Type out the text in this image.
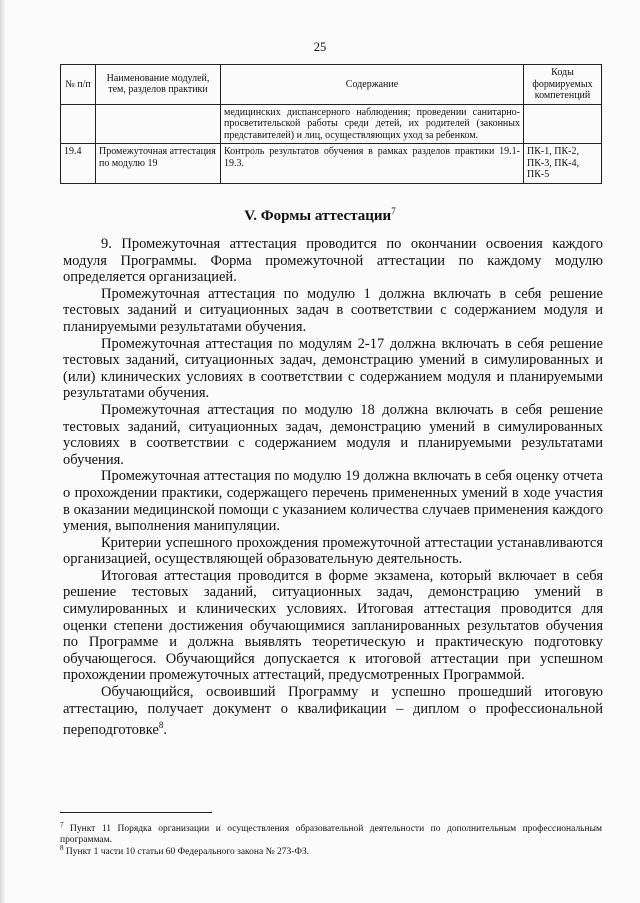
25
№ п/п	Наименование модулей, тем, разделов практики	Содержание	Коды формируемых компетенций
		медицинских диспансерного наблюдения; проведении санитарно-просветительской работы среди детей, их родителей (законных представителей) и лиц, осуществляющих уход за ребенком.	
19.4	Промежуточная аттестация по модулю 19	Контроль результатов обучения в рамках разделов практики 19.1-19.3.	ПК-1, ПК-2, ПК-3, ПК-4, ПК-5
V. Формы аттестации$^7$

9. Промежуточная аттестация проводится по окончании освоения каждого модуля Программы. Форма промежуточной аттестации по каждому модулю определяется организацией.

Промежуточная аттестация по модулю 1 должна включать в себя решение тестовых заданий и ситуационных задач в соответствии с содержанием модуля и планируемыми результатами обучения.

Промежуточная аттестация по модулям 2-17 должна включать в себя решение тестовых заданий, ситуационных задач, демонстрацию умений в симулированных и (или) клинических условиях в соответствии с содержанием модуля и планируемыми результатами обучения.

Промежуточная аттестация по модулю 18 должна включать в себя решение тестовых заданий, ситуационных задач, демонстрацию умений в симулированных условиях в соответствии с содержанием модуля и планируемыми результатами обучения.

Промежуточная аттестация по модулю 19 должна включать в себя оценку отчета о прохождении практики, содержащего перечень примененных умений в ходе участия в оказании медицинской помощи с указанием количества случаев применения каждого умения, выполнения манипуляции.

Критерии успешного прохождения промежуточной аттестации устанавливаются организацией, осуществляющей образовательную деятельность.

Итоговая аттестация проводится в форме экзамена, который включает в себя решение тестовых заданий, ситуационных задач, демонстрацию умений в симулированных и клинических условиях. Итоговая аттестация проводится для оценки степени достижения обучающимися запланированных результатов обучения по Программе и должна выявлять теоретическую и практическую подготовку обучающегося. Обучающийся допускается к итоговой аттестации при успешном прохождении промежуточных аттестаций, предусмотренных Программой.

Обучающийся, освоивший Программу и успешно прошедший итоговую аттестацию, получает документ о квалификации – диплом о профессиональной переподготовке$^8$.

$^7$ Пункт 11 Порядка организации и осуществления образовательной деятельности по дополнительным профессиональным программам.
$^8$ Пункт 1 части 10 статьи 60 Федерального закона № 273-ФЗ.
